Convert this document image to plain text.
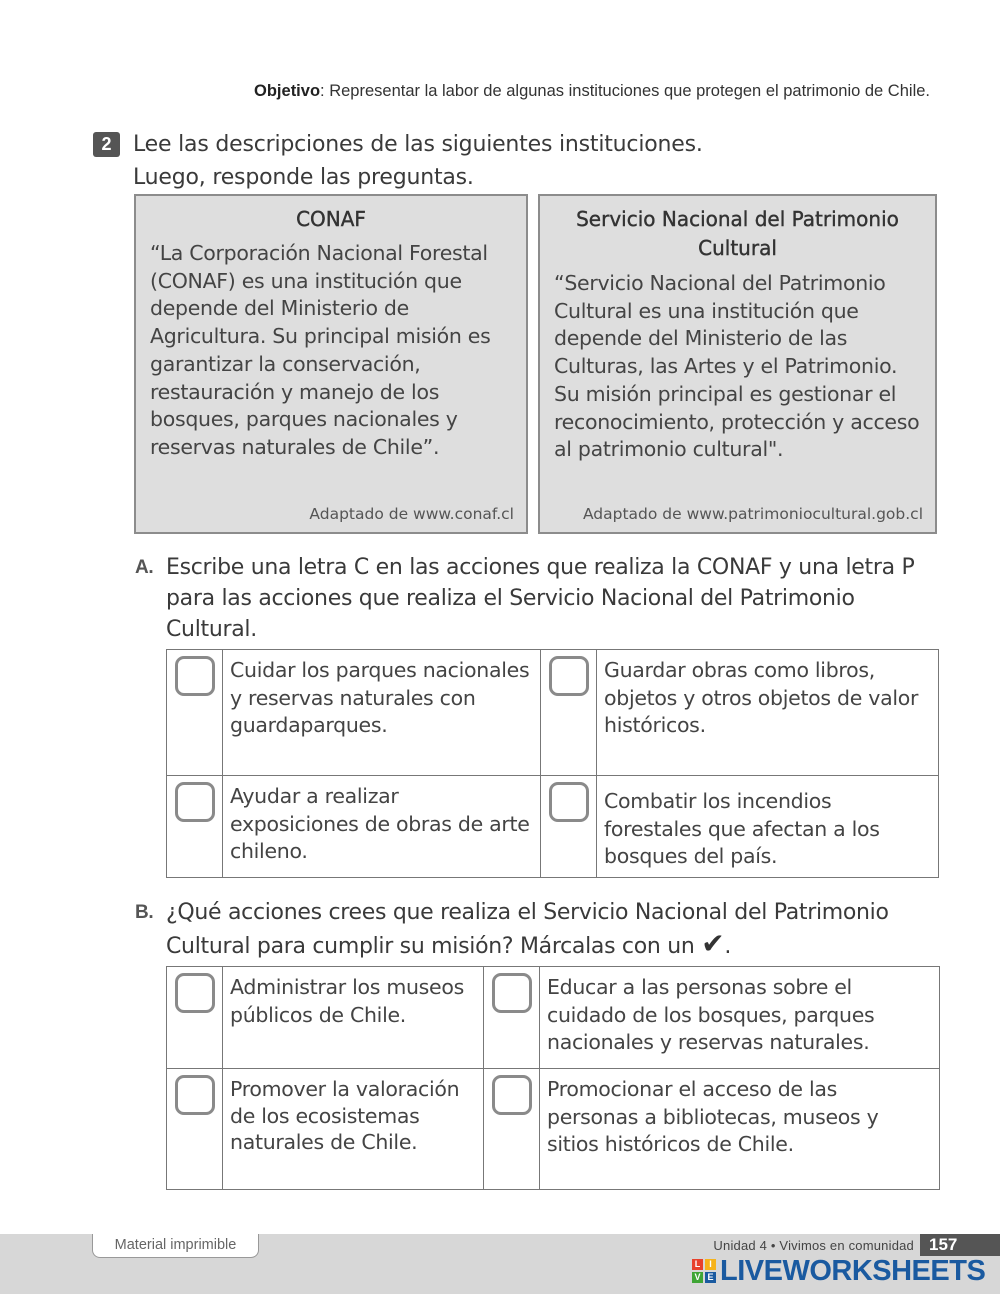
Objetivo: Representar la labor de algunas instituciones que protegen el patrimonio de Chile.
2 Lee las descripciones de las siguientes instituciones.
Luego, responde las preguntas.
CONAF

“La Corporación Nacional Forestal (CONAF) es una institución que depende del Ministerio de Agricultura. Su principal misión es garantizar la conservación, restauración y manejo de los bosques, parques nacionales y reservas naturales de Chile”.

Adaptado de www.conaf.cl
Servicio Nacional del Patrimonio Cultural

“Servicio Nacional del Patrimonio Cultural es una institución que depende del Ministerio de las Culturas, las Artes y el Patrimonio. Su misión principal es gestionar el reconocimiento, protección y acceso al patrimonio cultural".

Adaptado de www.patrimoniocultural.gob.cl
A. Escribe una letra C en las acciones que realiza la CONAF y una letra P para las acciones que realiza el Servicio Nacional del Patrimonio Cultural.
	Cuidar los parques nacionales y reservas naturales con guardaparques.		Guardar obras como libros, objetos y otros objetos de valor históricos.

	Ayudar a realizar exposiciones de obras de arte chileno.		Combatir los incendios forestales que afectan a los bosques del país.
B. ¿Qué acciones crees que realiza el Servicio Nacional del Patrimonio Cultural para cumplir su misión? Márcalas con un ✔.
	Administrar los museos públicos de Chile.		Educar a las personas sobre el cuidado de los bosques, parques nacionales y reservas naturales.

	Promover la valoración de los ecosistemas naturales de Chile.		Promocionar el acceso de las personas a bibliotecas, museos y sitios históricos de Chile.
Material imprimible	Unidad 4 • Vivimos en comunidad 157
L I
V E LIVEWORKSHEETS
